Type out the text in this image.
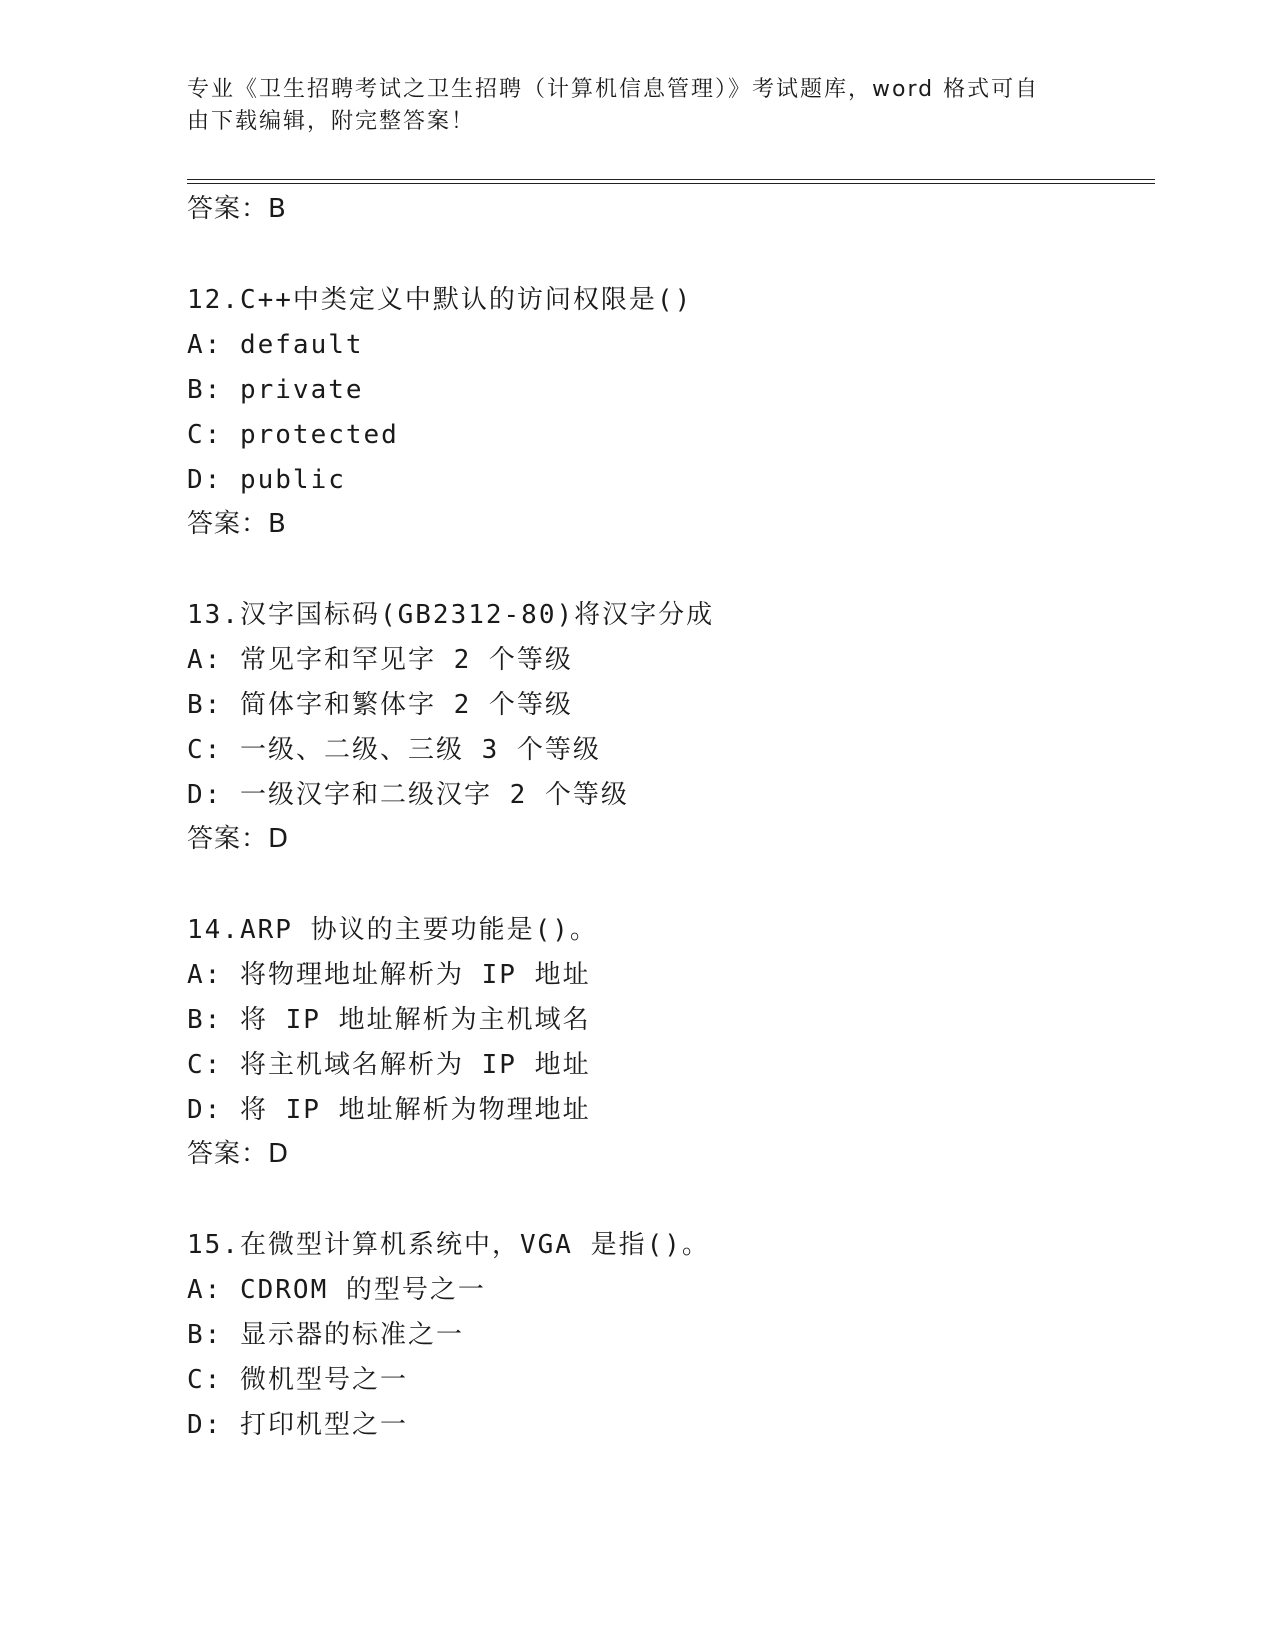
专业《卫生招聘考试之卫生招聘（计算机信息管理）》考试题库，word 格式可自
由下载编辑，附完整答案！
答案：B
12.C++中类定义中默认的访问权限是()
A: default
B: private
C: protected
D: public
答案：B
13.汉字国标码(GB2312-80)将汉字分成
A: 常见字和罕见字 2 个等级
B: 简体字和繁体字 2 个等级
C: 一级、二级、三级 3 个等级
D: 一级汉字和二级汉字 2 个等级
答案：D
14.ARP 协议的主要功能是()。
A: 将物理地址解析为 IP 地址
B: 将 IP 地址解析为主机域名
C: 将主机域名解析为 IP 地址
D: 将 IP 地址解析为物理地址
答案：D
15.在微型计算机系统中，VGA 是指()。
A: CDROM 的型号之一
B: 显示器的标准之一
C: 微机型号之一
D: 打印机型之一
